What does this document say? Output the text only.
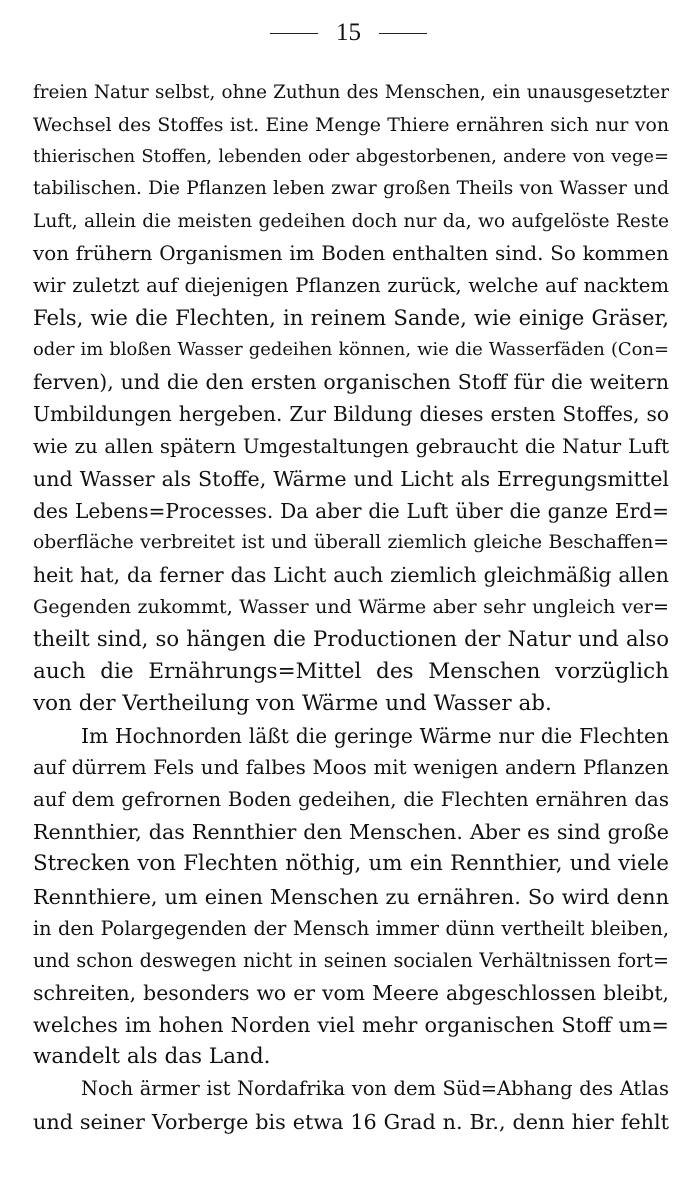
15
freien Natur selbst, ohne Zuthun des Menschen, ein unausgesetzter
Wechsel des Stoffes ist. Eine Menge Thiere ernähren sich nur von
thierischen Stoffen, lebenden oder abgestorbenen, andere von vege=
tabilischen. Die Pflanzen leben zwar großen Theils von Wasser und
Luft, allein die meisten gedeihen doch nur da, wo aufgelöste Reste
von frühern Organismen im Boden enthalten sind. So kommen
wir zuletzt auf diejenigen Pflanzen zurück, welche auf nacktem
Fels, wie die Flechten, in reinem Sande, wie einige Gräser,
oder im bloßen Wasser gedeihen können, wie die Wasserfäden (Con=
ferven), und die den ersten organischen Stoff für die weitern
Umbildungen hergeben. Zur Bildung dieses ersten Stoffes, so
wie zu allen spätern Umgestaltungen gebraucht die Natur Luft
und Wasser als Stoffe, Wärme und Licht als Erregungsmittel
des Lebens=Processes. Da aber die Luft über die ganze Erd=
oberfläche verbreitet ist und überall ziemlich gleiche Beschaffen=
heit hat, da ferner das Licht auch ziemlich gleichmäßig allen
Gegenden zukommt, Wasser und Wärme aber sehr ungleich ver=
theilt sind, so hängen die Productionen der Natur und also
auch die Ernährungs=Mittel des Menschen vorzüglich
von der Vertheilung von Wärme und Wasser ab.
Im Hochnorden läßt die geringe Wärme nur die Flechten
auf dürrem Fels und falbes Moos mit wenigen andern Pflanzen
auf dem gefrornen Boden gedeihen, die Flechten ernähren das
Rennthier, das Rennthier den Menschen. Aber es sind große
Strecken von Flechten nöthig, um ein Rennthier, und viele
Rennthiere, um einen Menschen zu ernähren. So wird denn
in den Polargegenden der Mensch immer dünn vertheilt bleiben,
und schon deswegen nicht in seinen socialen Verhältnissen fort=
schreiten, besonders wo er vom Meere abgeschlossen bleibt,
welches im hohen Norden viel mehr organischen Stoff um=
wandelt als das Land.
Noch ärmer ist Nordafrika von dem Süd=Abhang des Atlas
und seiner Vorberge bis etwa 16 Grad n. Br., denn hier fehlt
